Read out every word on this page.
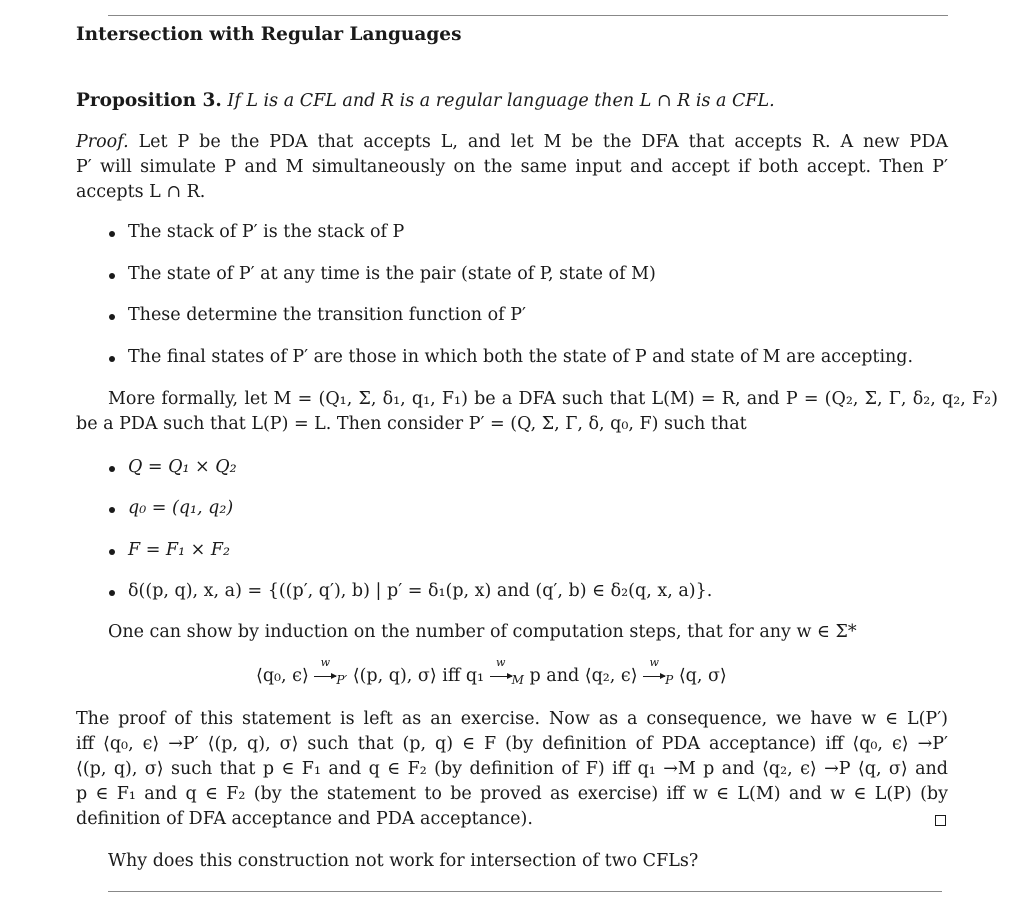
Intersection with Regular Languages
Proposition 3. If L is a CFL and R is a regular language then L ∩ R is a CFL.
Proof. Let P be the PDA that accepts L, and let M be the DFA that accepts R. A new PDA
P′ will simulate P and M simultaneously on the same input and accept if both accept. Then P′
accepts L ∩ R.
The stack of P′ is the stack of P
The state of P′ at any time is the pair (state of P, state of M)
These determine the transition function of P′
The final states of P′ are those in which both the state of P and state of M are accepting.
More formally, let M = (Q₁, Σ, δ₁, q₁, F₁) be a DFA such that L(M) = R, and P = (Q₂, Σ, Γ, δ₂, q₂, F₂)
be a PDA such that L(P) = L. Then consider P′ = (Q, Σ, Γ, δ, q₀, F) such that
Q = Q₁ × Q₂
q₀ = (q₁, q₂)
F = F₁ × F₂
δ((p, q), x, a) = {((p′, q′), b) | p′ = δ₁(p, x) and (q′, b) ∈ δ₂(q, x, a)}.
One can show by induction on the number of computation steps, that for any w ∈ Σ*
⟨q₀, ϵ⟩
w
P′ ⟨(p, q), σ⟩ iff q₁
w
M p and ⟨q₂, ϵ⟩
w
P ⟨q, σ⟩
The proof of this statement is left as an exercise. Now as a consequence, we have w ∈ L(P′)
iff ⟨q₀, ϵ⟩ →P′ ⟨(p, q), σ⟩ such that (p, q) ∈ F (by definition of PDA acceptance) iff ⟨q₀, ϵ⟩ →P′
⟨(p, q), σ⟩ such that p ∈ F₁ and q ∈ F₂ (by definition of F) iff q₁ →M p and ⟨q₂, ϵ⟩ →P ⟨q, σ⟩ and
p ∈ F₁ and q ∈ F₂ (by the statement to be proved as exercise) iff w ∈ L(M) and w ∈ L(P) (by
definition of DFA acceptance and PDA acceptance).
Why does this construction not work for intersection of two CFLs?
